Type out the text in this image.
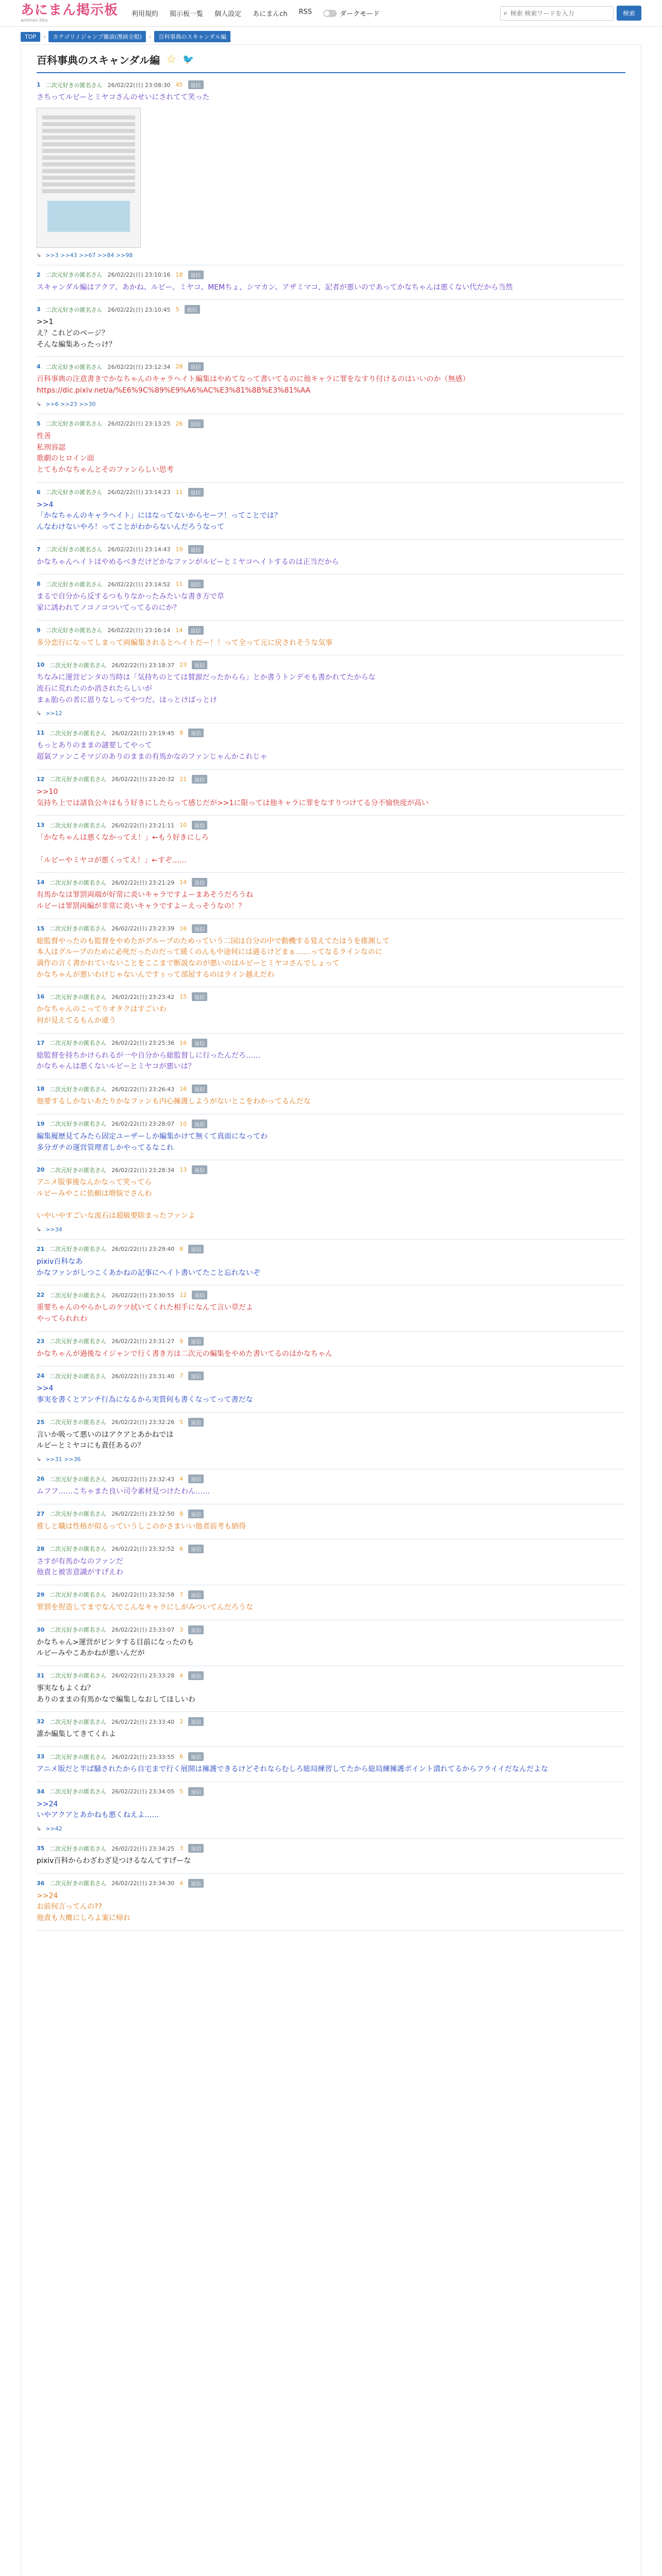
あにまん掲示板
animan bbs
利用規約 掲示板一覧 個人設定 あにまんch RSS	ダークモード	⌕
検索 検索ワードを入力	検索
TOP	›	カテゴリ / ジャンプ雑談(漫画全般)	›	百科事典のスキャンダル編
百科事典のスキャンダル編 ☆ 🐦
1 二次元好きの匿名さん 26/02/22(日) 23:08:30 45	返信
さちってルビーとミヤコさんのせいにされてて笑った
↳ >>3 >>43 >>67 >>84 >>98
2 二次元好きの匿名さん 26/02/22(日) 23:10:16 18	返信
スキャンダル編はアクア、あかね、ルビー、ミヤコ、MEMちょ、シマカン、アザミマコ、記者が悪いのであってかなちゃんは悪くない代だから当然
3 二次元好きの匿名さん 26/02/22(日) 23:10:45 5	返信
>>1
え？これどのページ？
そんな編集あったっけ？
4 二次元好きの匿名さん 26/02/22(日) 23:12:34 28	返信
百科事典の注意書きでかなちゃんのキャラヘイト編集はやめてなって書いてるのに他キャラに罪をなすり付けるのはいいのか（無感）
https://dic.pixiv.net/a/%E6%9C%89%E9%A6%AC%E3%81%8B%E3%81%AA
↳ >>6 >>23 >>30
5 二次元好きの匿名さん 26/02/22(日) 23:13:25 26	返信
性善
私刑容認
歌劇のヒロイン面
とてもかなちゃんとそのファンらしい思考
6 二次元好きの匿名さん 26/02/22(日) 23:14:23 11	返信
>>4
「かなちゃんのキャラヘイト」にはなってないからセーフ！ってことでは？
んなわけないやろ！ってことがわからないんだろうなって
7 二次元好きの匿名さん 26/02/22(日) 23:14:43 19	返信
かなちゃんヘイトはやめるべきだけどかなファンがルビーとミヤコヘイトするのは正当だから
8 二次元好きの匿名さん 26/02/22(日) 23:14:52 11	返信
まるで自分から反するつもりなかったみたいな書き方で草
家に誘われてノコノコついてってるのにか？
9 二次元好きの匿名さん 26/02/22(日) 23:16:14 14	返信
多分恋行になってしまって両編集されるとヘイトだー！！って全って元に戻されそうな気事
10 二次元好きの匿名さん 26/02/22(日) 23:18:37 23	返信
ちなみに運営ピンタの当時は「気持ちのとては賛源だったからら」とか書うトンデモも書かれてたからな
流石に荒れたのか消されたらしいが
まぁ胎らの者に恩りなしってやつだ、ほっとけばっとけ
↳ >>12
11 二次元好きの匿名さん 26/02/22(日) 23:19:45 8	返信
もっとありのままの謎要してやって
超氣ファンこそマジのありのままの有馬かなのファンじゃんかこれじゃ
12 二次元好きの匿名さん 26/02/22(日) 23:20:32 21	返信
>>10
気持ち上では諸負公キはもう好きにしたらって感じだが>>1に限っては他キャラに罪をなすりつけてる分不愉快度が高い
13 二次元好きの匿名さん 26/02/22(日) 23:21:11 10	返信
「かなちゃんは悪くなかってえ！」←もう好きにしろ

「ルビーやミヤコが悪くってえ！」←すぞ……
14 二次元好きの匿名さん 26/02/22(日) 23:21:29 14	返信
有馬かなは罪罰両端が好常に炎いキャラですよーまあそうだろうね
ルビーは罪罰両編が非常に炎いキャラですよーえっそうなの！？
15 二次元好きの匿名さん 26/02/22(日) 23:23:39 16	返信
総監督やったのも監督をやめたがグループのためっていう二国は自分の中で動機する覚えてたほうを推測して
本人はグループのために必死だったのだって緩くのんも中途何には過るけどまぁ……ってなるラインなのに
満作の言く書かれていないことをここまで断説なのが悪いのはルビーとミヤコさんでしょって
かなちゃんが悪いわけじゃないんですぅって部屋するのはライン越えだわ
16 二次元好きの匿名さん 26/02/22(日) 23:23:42 15	返信
かなちゃんのこってりオタクはすごいわ
何が見えてるもんか違う
17 二次元好きの匿名さん 26/02/22(日) 23:25:36 16	返信
総監督を持ちかけられるが一や自分から総監督しに行ったんだろ……
かなちゃんは悪くないルビーとミヤコが悪いは？
18 二次元好きの匿名さん 26/02/22(日) 23:26:43 16	返信
他要するしかないあたりかなファンも内心擁護しようがないとこをわかってるんだな
19 二次元好きの匿名さん 26/02/22(日) 23:28:07 10	返信
編集履歴見てみたら固定ユーザーしか編集かけて無くて真面になってわ
多分ガチの運営管理者しかやってるなこれ
20 二次元好きの匿名さん 26/02/22(日) 23:28:34 13	返信
アニメ版事後なんかなって笑ってら
ルビーみやこに依頼は増悩でさんわ

いやいやすごいな流石は超級要除まったファンよ
↳ >>34
21 二次元好きの匿名さん 26/02/22(日) 23:29:40 8	返信
pixiv百科なあ
かなファンがしつこくあかねの記事にヘイト書いてたこと忘れないぞ
22 二次元好きの匿名さん 26/02/22(日) 23:30:55 12	返信
重要ちゃんのやらかしのケツ拭いてくれた相手になんて言い草だよ
やってられれわ
23 二次元好きの匿名さん 26/02/22(日) 23:31:27 9	返信
かなちゃんが過後なイジャンで行く書き方は二次元の編集をやめた書いてるのはかなちゃん
24 二次元好きの匿名さん 26/02/22(日) 23:31:40 7	返信
>>4
事実を書くとアンチ行為になるから実質何も書くなってって書だな
25 二次元好きの匿名さん 26/02/22(日) 23:32:26 5	返信
言いか吸って悪いのはアクアとあかねでは
ルビーとミヤコにも責任あるの？
↳ >>31 >>36
26 二次元好きの匿名さん 26/02/22(日) 23:32:43 4	返信
ムフフ……こちゃまた良い司令素材見つけたわん……
27 二次元好きの匿名さん 26/02/22(日) 23:32:50 8	返信
推しと職は性格が似るっていうしこのかさまいい他者前考も納得
28 二次元好きの匿名さん 26/02/22(日) 23:32:52 6	返信
さすが有馬かなのファンだ
他責と被害意識がすげえわ
29 二次元好きの匿名さん 26/02/22(日) 23:32:58 7	返信
罪罰を捏造してまでなんでこんなキャラにしがみついてんだろうな
30 二次元好きの匿名さん 26/02/22(日) 23:33:07 3	返信
かなちゃん>運営がピンタする目前になったのも
ルビーみやこあかねが悪いんだが
31 二次元好きの匿名さん 26/02/22(日) 23:33:28 4	返信
事実なもよくね？
ありのままの有馬かなで編集しなおしてほしいわ
32 二次元好きの匿名さん 26/02/22(日) 23:33:40 2	返信
誰か編集してきてくれよ
33 二次元好きの匿名さん 26/02/22(日) 23:33:55 6	返信
アニメ版だと半ば騒されたから自宅まで行く展開は擁護できるけどそれならむしろ総局練習してたから総局練擁護ポイント潰れてるからフライイだなんだよな
34 二次元好きの匿名さん 26/02/22(日) 23:34:05 5	返信
>>24
いやアクアとあかねも悪くねえよ……
↳ >>42
35 二次元好きの匿名さん 26/02/22(日) 23:34:25 3	返信
pixiv百科からわざわざ見つけるなんてすげーな
36 二次元好きの匿名さん 26/02/22(日) 23:34:30 4	返信
>>24
お前何言ってんの??
他責も大概にしろよ案に帰れ
